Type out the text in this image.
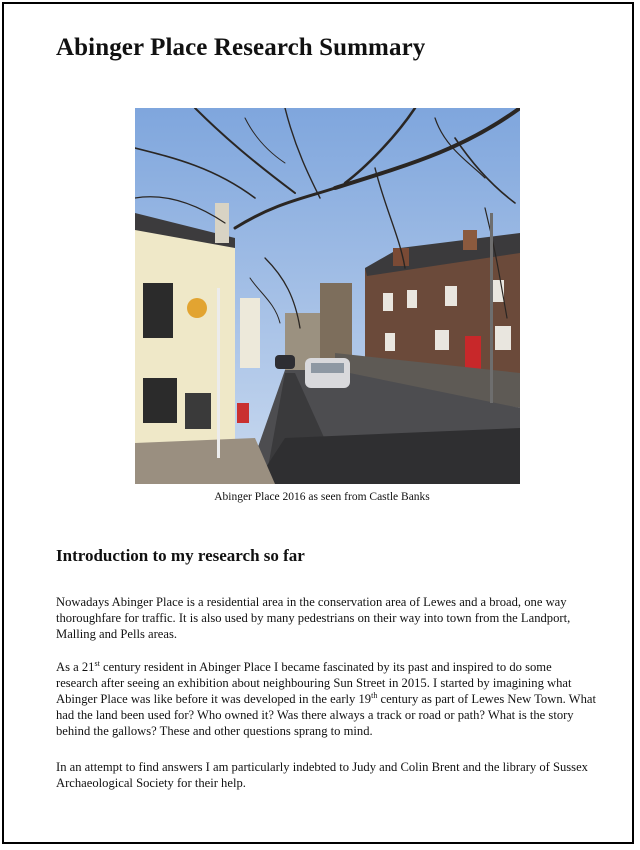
Abinger Place Research Summary
Abinger Place 2016 as seen from Castle Banks
Introduction to my research so far

Nowadays Abinger Place is a residential area in the conservation area of Lewes and a broad, one way thoroughfare for traffic. It is also used by many pedestrians on their way into town from the Landport, Malling and Pells areas.

As a 21st century resident in Abinger Place I became fascinated by its past and inspired to do some research after seeing an exhibition about neighbouring Sun Street in 2015. I started by imagining what Abinger Place was like before it was developed in the early 19th century as part of Lewes New Town. What had the land been used for? Who owned it? Was there always a track or road or path? What is the story behind the gallows? These and other questions sprang to mind.

In an attempt to find answers I am particularly indebted to Judy and Colin Brent and the library of Sussex Archaeological Society for their help.
